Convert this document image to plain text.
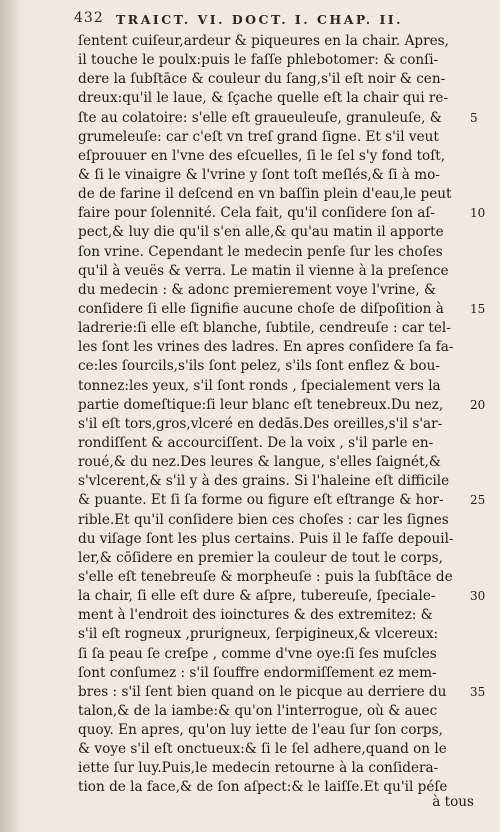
432 TRAICT. VI. DOCT. I. CHAP. II.
ſentent cuiſeur,ardeur & piqueures en la chair. Apres,
il touche le poulx:puis le faſſe phlebotomer: & conſi-
dere la ſubſtāce & couleur du ſang,s'il eſt noir & cen-
dreux:qu'il le laue, & ſçache quelle eſt la chair qui re-
ſte au colatoire: s'elle eſt graueuleuſe, granuleuſe, & 5
grumeleuſe: car c'eſt vn treſ grand ſigne. Et s'il veut
eſprouuer en l'vne des eſcuelles, ſi le ſel s'y fond toſt,
& ſi le vinaigre & l'vrine y ſont toſt meſlés,& ſi à mo-
de de farine il deſcend en vn baſſin plein d'eau,le peut
faire pour ſolennité. Cela fait, qu'il conſidere ſon aſ-	10
pect,& luy die qu'il s'en alle,& qu'au matin il apporte
ſon vrine. Cependant le medecin penſe ſur les choſes
qu'il à veuës & verra. Le matin il vienne à la preſence
du medecin : & adonc premierement voye l'vrine, &
conſidere ſi elle ſignifie aucune choſe de diſpoſition à 15
ladrerie:ſi elle eſt blanche, ſubtile, cendreuſe : car tel-
les ſont les vrines des ladres. En apres conſidere ſa fa-
ce:les ſourcils,s'ils ſont pelez, s'ils ſont enflez & bou-
tonnez:les yeux, s'il ſont ronds , ſpecialement vers la
partie domeſtique:ſi leur blanc eſt tenebreux.Du nez, 20
s'il eſt tors,gros,vlceré en dedās.Des oreilles,s'il s'ar-
rondiſſent & accourciſſent. De la voix , s'il parle en-
roué,& du nez.Des leures & langue, s'elles ſaignét,&
s'vlcerent,& s'il y à des grains. Si l'haleine eſt difficile
& puante. Et ſi ſa forme ou figure eſt eſtrange & hor- 25
rible.Et qu'il conſidere bien ces choſes : car les ſignes
du viſage ſont les plus certains. Puis il le faſſe depouil-
ler,& cōſidere en premier la couleur de tout le corps,
s'elle eſt tenebreuſe & morpheuſe : puis la ſubſtāce de
la chair, ſi elle eſt dure & aſpre, tubereuſe, ſpeciale-	30
ment à l'endroit des ioinctures & des extremitez: &
s'il eſt rogneux ,prurigneux, ſerpigineux,& vlcereux:
ſi ſa peau ſe creſpe , comme d'vne oye:ſi ſes muſcles
ſont conſumez : s'il ſouffre endormiſſement ez mem-
bres : s'il ſent bien quand on le picque au derriere du 35
talon,& de la iambe:& qu'on l'interrogue, où & auec
quoy. En apres, qu'on luy iette de l'eau ſur ſon corps,
& voye s'il eſt onctueux:& ſi le ſel adhere,quand on le
iette ſur luy.Puis,le medecin retourne à la conſidera-
tion de la face,& de ſon aſpect:& le laiſſe.Et qu'il péſe
à tous
